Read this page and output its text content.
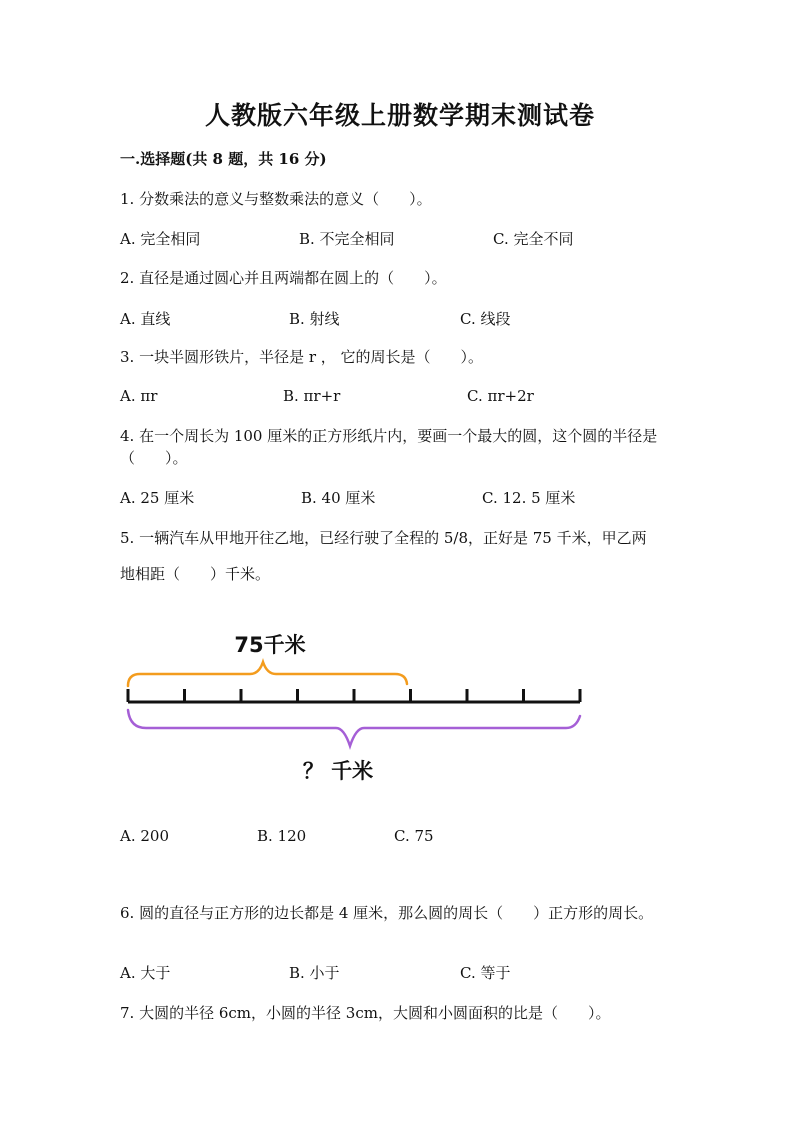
人教版六年级上册数学期末测试卷
一.选择题(共 8 题，共 16 分)
1. 分数乘法的意义与整数乘法的意义（　　）。
A. 完全相同	B. 不完全相同	C. 完全不同
2. 直径是通过圆心并且两端都在圆上的（　　）。
A. 直线	B. 射线	C. 线段
3. 一块半圆形铁片，半径是 r ， 它的周长是（　　）。
A. πr	B. πr+r	C. πr+2r
4. 在一个周长为 100 厘米的正方形纸片内，要画一个最大的圆，这个圆的半径是（　　）。
A. 25 厘米	B. 40 厘米	C. 12. 5 厘米
5. 一辆汽车从甲地开往乙地，已经行驶了全程的 5/8，正好是 75 千米，甲乙两
地相距（　　）千米。
75千米
？ 千米
A. 200	B. 120	C. 75
6. 圆的直径与正方形的边长都是 4 厘米，那么圆的周长（　　）正方形的周长。
A. 大于	B. 小于	C. 等于
7. 大圆的半径 6cm，小圆的半径 3cm，大圆和小圆面积的比是（　　）。
